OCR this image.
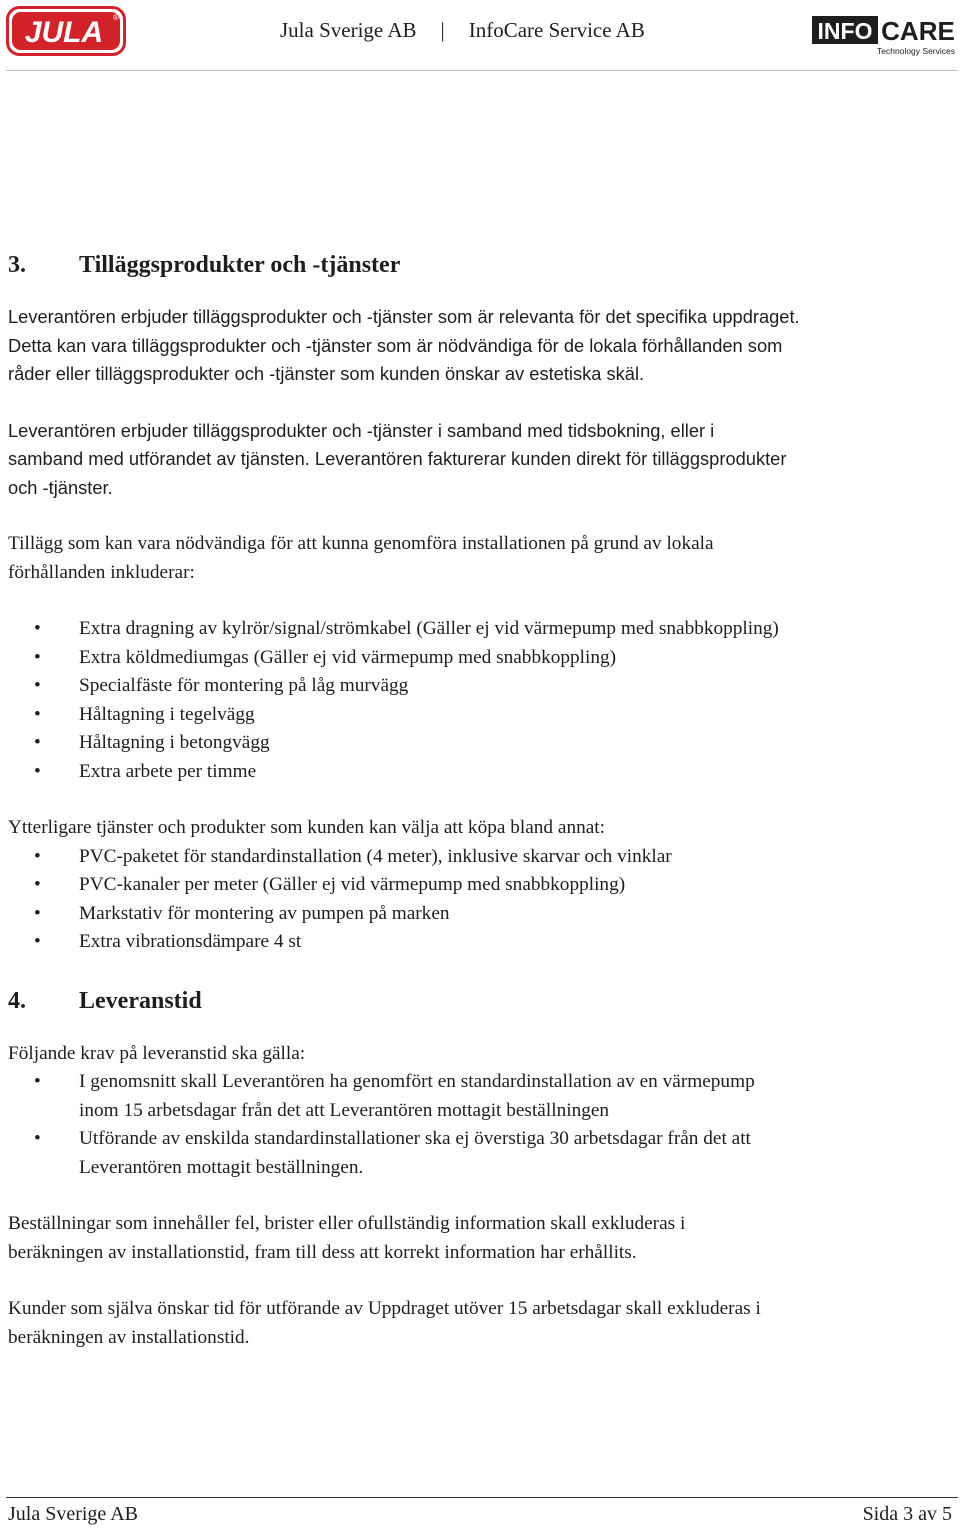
JULA ®
Jula Sverige AB | InfoCare Service AB	INFO CARE
Technology Services
3.	Tilläggsprodukter och -tjänster

Leverantören erbjuder tilläggsprodukter och -tjänster som är relevanta för det specifika uppdraget.
Detta kan vara tilläggsprodukter och -tjänster som är nödvändiga för de lokala förhållanden som
råder eller tilläggsprodukter och -tjänster som kunden önskar av estetiska skäl.

Leverantören erbjuder tilläggsprodukter och -tjänster i samband med tidsbokning, eller i
samband med utförandet av tjänsten. Leverantören fakturerar kunden direkt för tilläggsprodukter
och -tjänster.

Tillägg som kan vara nödvändiga för att kunna genomföra installationen på grund av lokala
förhållanden inkluderar:

• Extra dragning av kylrör/signal/strömkabel (Gäller ej vid värmepump med snabbkoppling)
• Extra köldmediumgas (Gäller ej vid värmepump med snabbkoppling)
• Specialfäste för montering på låg murvägg
• Håltagning i tegelvägg
• Håltagning i betongvägg
• Extra arbete per timme

Ytterligare tjänster och produkter som kunden kan välja att köpa bland annat:

• PVC-paketet för standardinstallation (4 meter), inklusive skarvar och vinklar
• PVC-kanaler per meter (Gäller ej vid värmepump med snabbkoppling)
• Markstativ för montering av pumpen på marken
• Extra vibrationsdämpare 4 st
4.	Leveranstid

Följande krav på leveranstid ska gälla:

• I genomsnitt skall Leverantören ha genomfört en standardinstallation av en värmepump
inom 15 arbetsdagar från det att Leverantören mottagit beställningen
• Utförande av enskilda standardinstallationer ska ej överstiga 30 arbetsdagar från det att
Leverantören mottagit beställningen.

Beställningar som innehåller fel, brister eller ofullständig information skall exkluderas i
beräkningen av installationstid, fram till dess att korrekt information har erhållits.

Kunder som själva önskar tid för utförande av Uppdraget utöver 15 arbetsdagar skall exkluderas i
beräkningen av installationstid.

Jula Sverige AB	Sida 3 av 5
